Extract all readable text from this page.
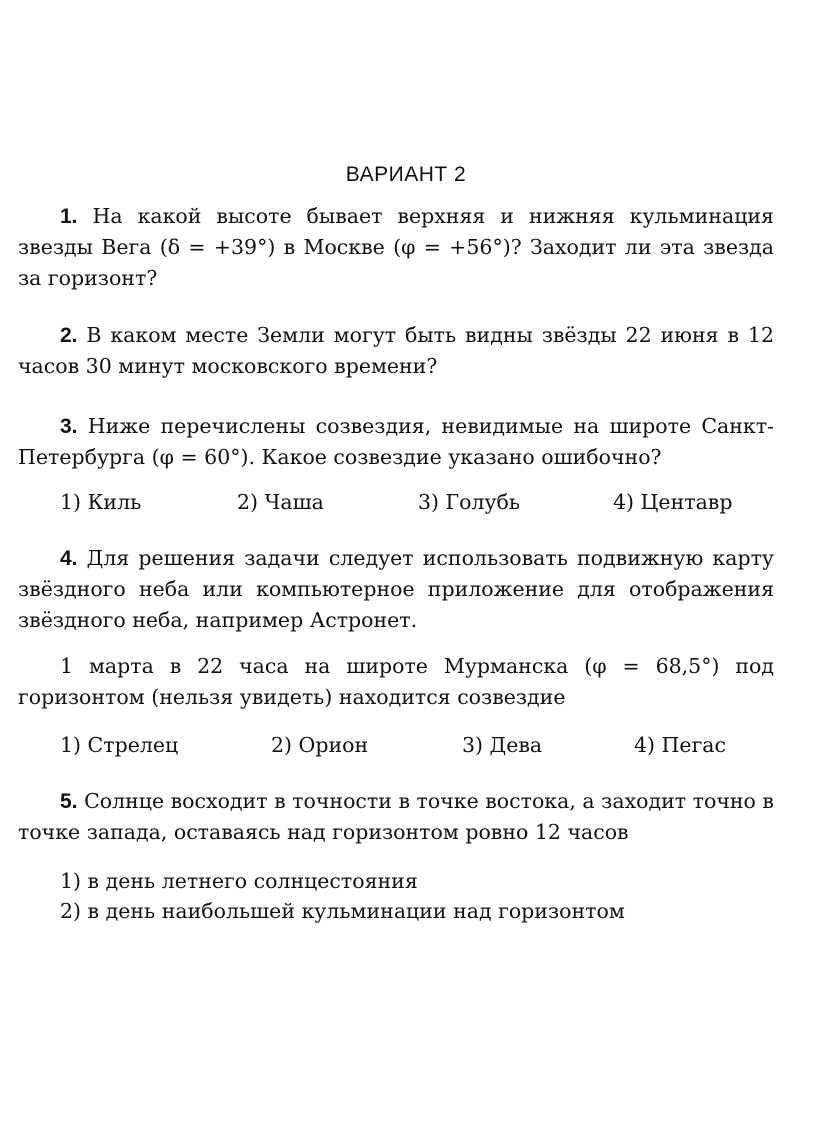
ВАРИАНТ 2

1. На какой высоте бывает верхняя и нижняя кульминация звезды Вега (δ = +39°) в Москве (φ = +56°)? Заходит ли эта звезда за горизонт?

2. В каком месте Земли могут быть видны звёзды 22 июня в 12 часов 30 минут московского времени?

3. Ниже перечислены созвездия, невидимые на широте Санкт-Петербурга (φ = 60°). Какое созвездие указано ошибочно?

1) Киль	2) Чаша	3) Голубь	4) Центавр

4. Для решения задачи следует использовать подвижную карту звёздного неба или компьютерное приложение для отображения звёздного неба, например Астронет.

1 марта в 22 часа на широте Мурманска (φ = 68,5°) под горизонтом (нельзя увидеть) находится созвездие

1) Стрелец	2) Орион	3) Дева	4) Пегас

5. Солнце восходит в точности в точке востока, а заходит точно в точке запада, оставаясь над горизонтом ровно 12 часов

1) в день летнего солнцестояния
2) в день наибольшей кульминации над горизонтом
